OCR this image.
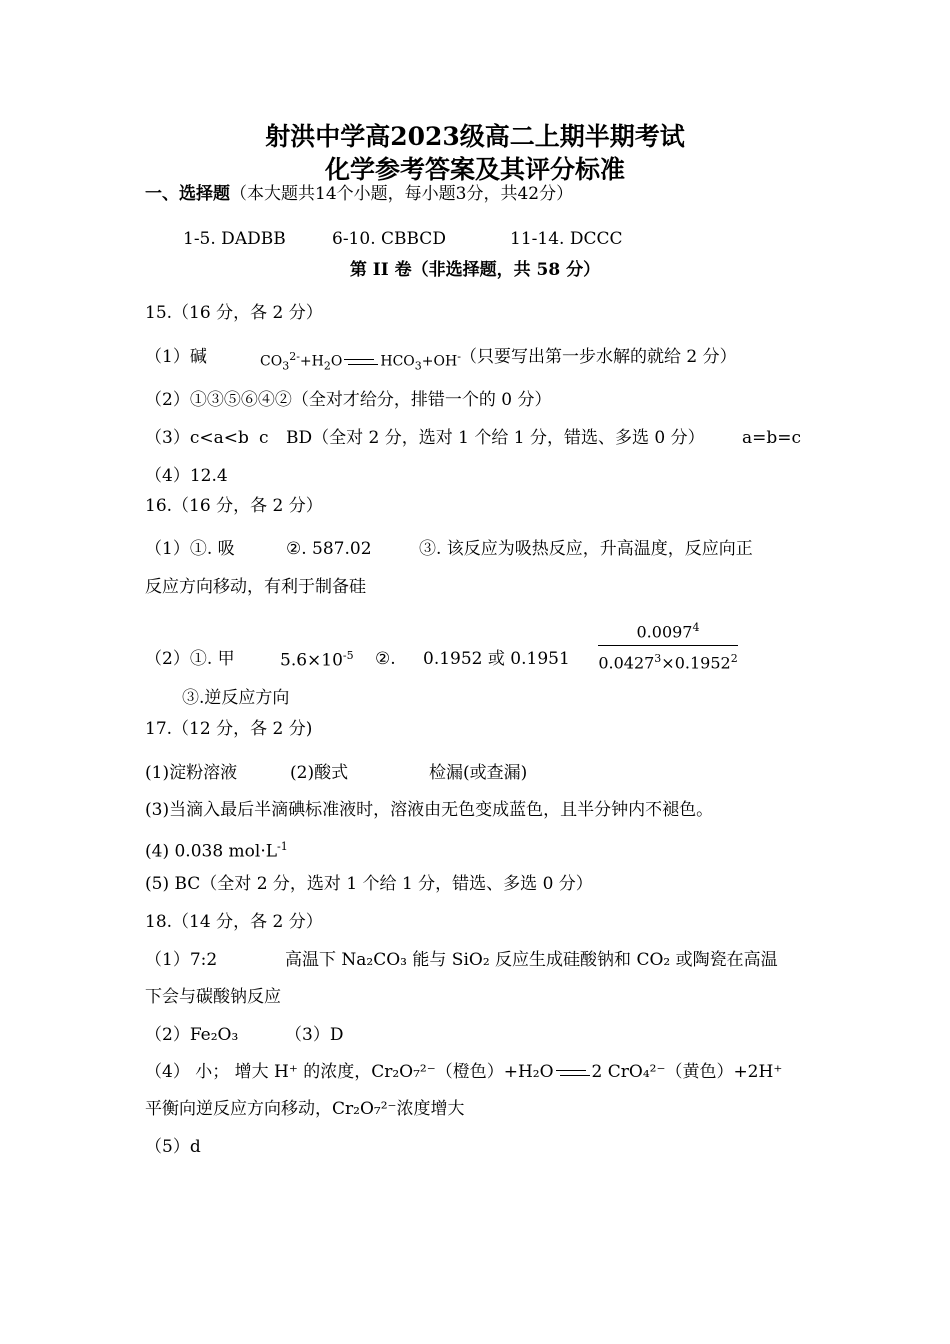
射洪中学高2023级高二上期半期考试
化学参考答案及其评分标准
一、选择题（本大题共14个小题，每小题3分，共42分）
1-5. DADBB	6-10. CBBCD	11-14. DCCC
第 II 卷（非选择题，共 58 分）
15.（16 分，各 2 分）
（1）碱	$CO_3^{2-}+H_2O$	$HCO_3+OH^-$ （只要写出第一步水解的就给 2 分）
（2）①③⑤⑥④②（全对才给分，排错一个的 0 分）
（3）c<a<b c BD（全对 2 分，选对 1 个给 1 分，错选、多选 0 分） a=b=c
（4）12.4
16.（16 分，各 2 分）
（1）①. 吸	②. 587.02	③. 该反应为吸热反应，升高温度，反应向正
反应方向移动，有利于制备硅
（2）①. 甲	$5.6\times 10^{-5}$ ②. 0.1952 或 $0.1951 \frac{0.0097^4}{0.0427^3\times 0.1952^2}$
③.逆反应方向
17.（12 分，各 2 分)
(1)淀粉溶液	(2)酸式	检漏(或查漏)
(3)当滴入最后半滴碘标准液时，溶液由无色变成蓝色，且半分钟内不褪色。
(4) 0.038 $mol\cdot L^{-1}$
(5) BC（全对 2 分，选对 1 个给 1 分，错选、多选 0 分）
18.（14 分，各 2 分）
（1）7:2	高温下 Na₂CO₃ 能与 SiO₂ 反应生成硅酸钠和 CO₂ 或陶瓷在高温
下会与碳酸钠反应
（2）Fe₂O₃	（3）D
（4） 小； 增大 H⁺ 的浓度，Cr₂O₇²⁻（橙色）+H₂O 2 CrO₄²⁻（黄色）+2H⁺
平衡向逆反应方向移动，Cr₂O₇²⁻浓度增大
（5）d
